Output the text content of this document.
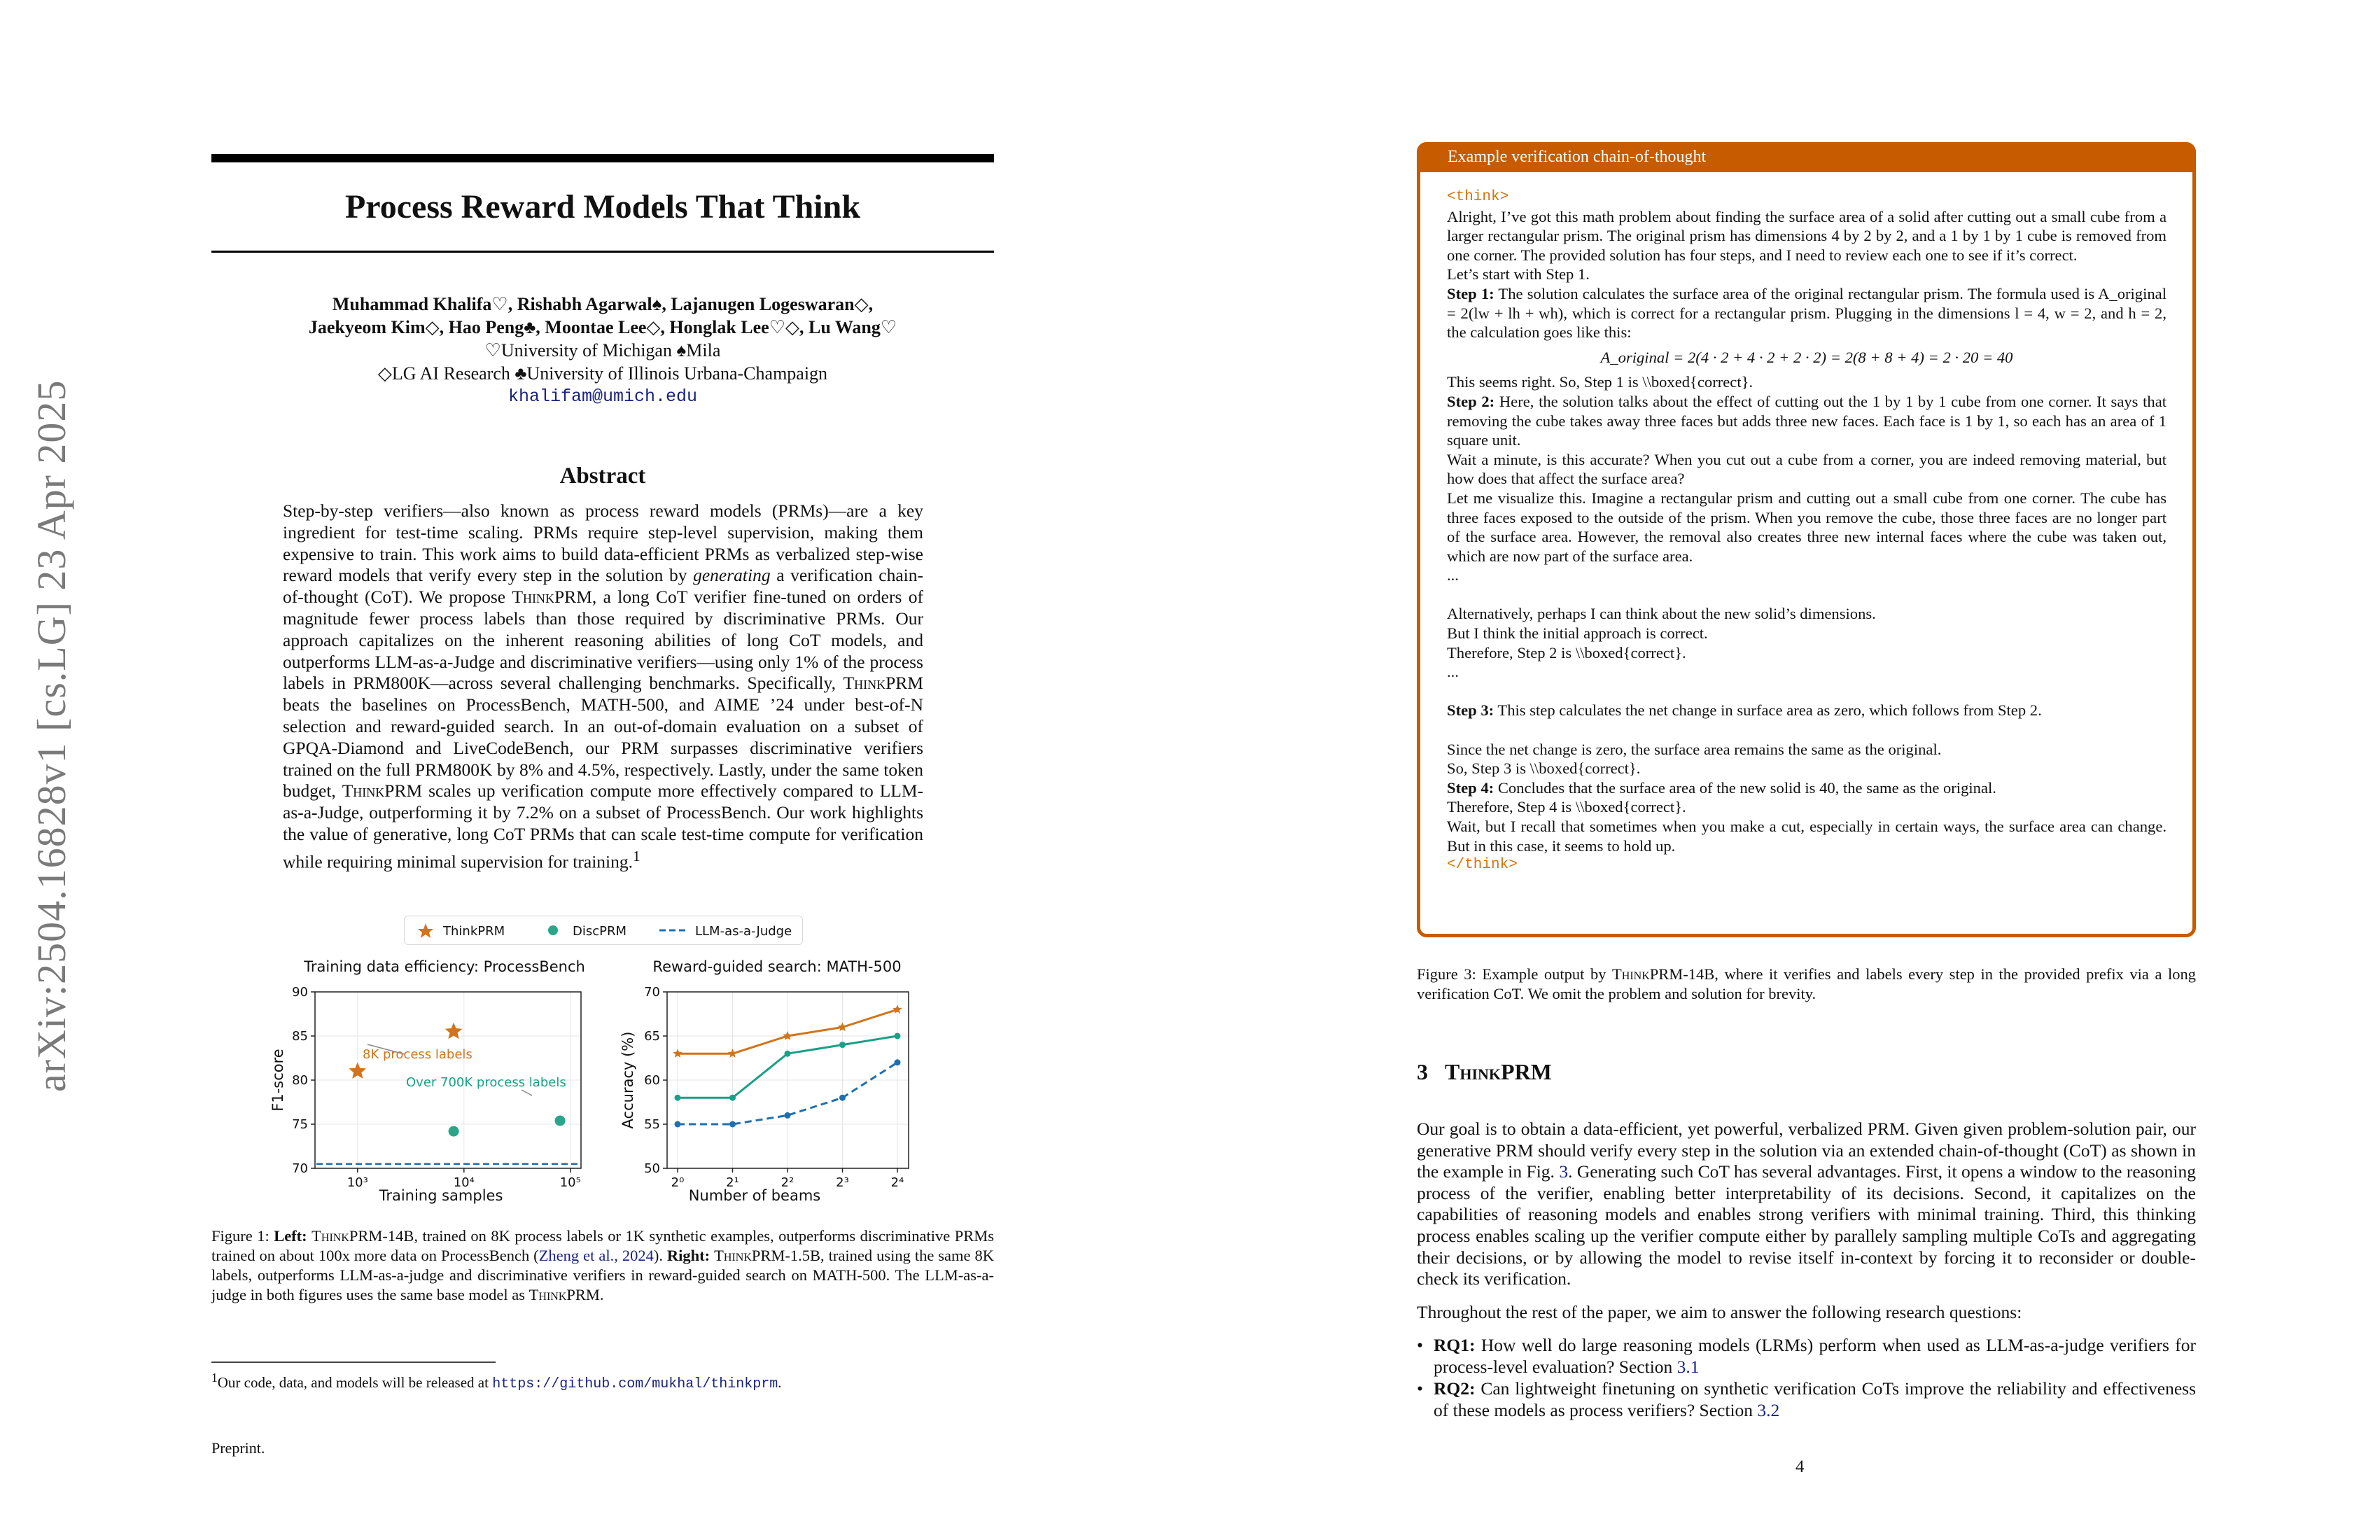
arXiv:2504.16828v1 [cs.LG] 23 Apr 2025
Process Reward Models That Think
Muhammad Khalifa♡, Rishabh Agarwal♠, Lajanugen Logeswaran◇,
Jaekyeom Kim◇, Hao Peng♣, Moontae Lee◇, Honglak Lee♡◇, Lu Wang♡
♡University of Michigan ♠Mila
◇LG AI Research ♣University of Illinois Urbana-Champaign
khalifam@umich.edu
Abstract
Step-by-step verifiers—also known as process reward models (PRMs)—are a key ingredient for test-time scaling. PRMs require step-level supervision, making them expensive to train. This work aims to build data-efficient PRMs as verbalized step-wise reward models that verify every step in the solution by generating a verification chain-of-thought (CoT). We propose ThinkPRM, a long CoT verifier fine-tuned on orders of magnitude fewer process labels than those required by discriminative PRMs. Our approach capitalizes on the inherent reasoning abilities of long CoT models, and outperforms LLM-as-a-Judge and discriminative verifiers—using only 1% of the process labels in PRM800K—across several challenging benchmarks. Specifically, ThinkPRM beats the baselines on ProcessBench, MATH-500, and AIME ’24 under best-of-N selection and reward-guided search. In an out-of-domain evaluation on a subset of GPQA-Diamond and LiveCodeBench, our PRM surpasses discriminative verifiers trained on the full PRM800K by 8% and 4.5%, respectively. Lastly, under the same token budget, ThinkPRM scales up verification compute more effectively compared to LLM-as-a-Judge, outperforming it by 7.2% on a subset of ProcessBench. Our work highlights the value of generative, long CoT PRMs that can scale test-time compute for verification while requiring minimal supervision for training.$^1$
ThinkPRM	DiscPRM	LLM-as-a-Judge
Training data efficiency: ProcessBench
70
75
80
85
90
10³	10⁴	10⁵
8K process labels
Over 700K process labels
Training samples
F1-score
Reward-guided search: MATH-500
50
55
60
65
70
2⁰	2¹	2²	2³	2⁴
Number of beams
Accuracy (%)
Figure 1: Left: ThinkPRM-14B, trained on 8K process labels or 1K synthetic examples, outperforms discriminative PRMs trained on about 100x more data on ProcessBench (Zheng et al., 2024). Right: ThinkPRM-1.5B, trained using the same 8K labels, outperforms LLM-as-a-judge and discriminative verifiers in reward-guided search on MATH-500. The LLM-as-a-judge in both figures uses the same base model as ThinkPRM.
$^1$Our code, data, and models will be released at https://github.com/mukhal/thinkprm.
Preprint.
Example verification chain-of-thought
<think>
Alright, I’ve got this math problem about finding the surface area of a solid after cutting out a small cube from a larger rectangular prism. The original prism has dimensions 4 by 2 by 2, and a 1 by 1 by 1 cube is removed from one corner. The provided solution has four steps, and I need to review each one to see if it’s correct.
Let’s start with Step 1.
Step 1: The solution calculates the surface area of the original rectangular prism. The formula used is A_original = 2(lw + lh + wh), which is correct for a rectangular prism. Plugging in the dimensions l = 4, w = 2, and h = 2, the calculation goes like this:
A_original = 2(4 · 2 + 4 · 2 + 2 · 2) = 2(8 + 8 + 4) = 2 · 20 = 40
This seems right. So, Step 1 is \\boxed{correct}.
Step 2: Here, the solution talks about the effect of cutting out the 1 by 1 by 1 cube from one corner. It says that removing the cube takes away three faces but adds three new faces. Each face is 1 by 1, so each has an area of 1 square unit.
Wait a minute, is this accurate? When you cut out a cube from a corner, you are indeed removing material, but how does that affect the surface area?
Let me visualize this. Imagine a rectangular prism and cutting out a small cube from one corner. The cube has three faces exposed to the outside of the prism. When you remove the cube, those three faces are no longer part of the surface area. However, the removal also creates three new internal faces where the cube was taken out, which are now part of the surface area.
...
Alternatively, perhaps I can think about the new solid’s dimensions.
But I think the initial approach is correct.
Therefore, Step 2 is \\boxed{correct}.
...
Step 3: This step calculates the net change in surface area as zero, which follows from Step 2.
Since the net change is zero, the surface area remains the same as the original.
So, Step 3 is \\boxed{correct}.
Step 4: Concludes that the surface area of the new solid is 40, the same as the original.
Therefore, Step 4 is \\boxed{correct}.
Wait, but I recall that sometimes when you make a cut, especially in certain ways, the surface area can change. But in this case, it seems to hold up.
</think>
Figure 3: Example output by ThinkPRM-14B, where it verifies and labels every step in the provided prefix via a long verification CoT. We omit the problem and solution for brevity.
3 ThinkPRM
Our goal is to obtain a data-efficient, yet powerful, verbalized PRM. Given given problem-solution pair, our generative PRM should verify every step in the solution via an extended chain-of-thought (CoT) as shown in the example in Fig. 3. Generating such CoT has several advantages. First, it opens a window to the reasoning process of the verifier, enabling better interpretability of its decisions. Second, it capitalizes on the capabilities of reasoning models and enables strong verifiers with minimal training. Third, this thinking process enables scaling up the verifier compute either by parallely sampling multiple CoTs and aggregating their decisions, or by allowing the model to revise itself in-context by forcing it to reconsider or double-check its verification.
Throughout the rest of the paper, we aim to answer the following research questions:
• RQ1: How well do large reasoning models (LRMs) perform when used as LLM-as-a-judge verifiers for process-level evaluation? Section 3.1
• RQ2: Can lightweight finetuning on synthetic verification CoTs improve the reliability and effectiveness of these models as process verifiers? Section 3.2
4
